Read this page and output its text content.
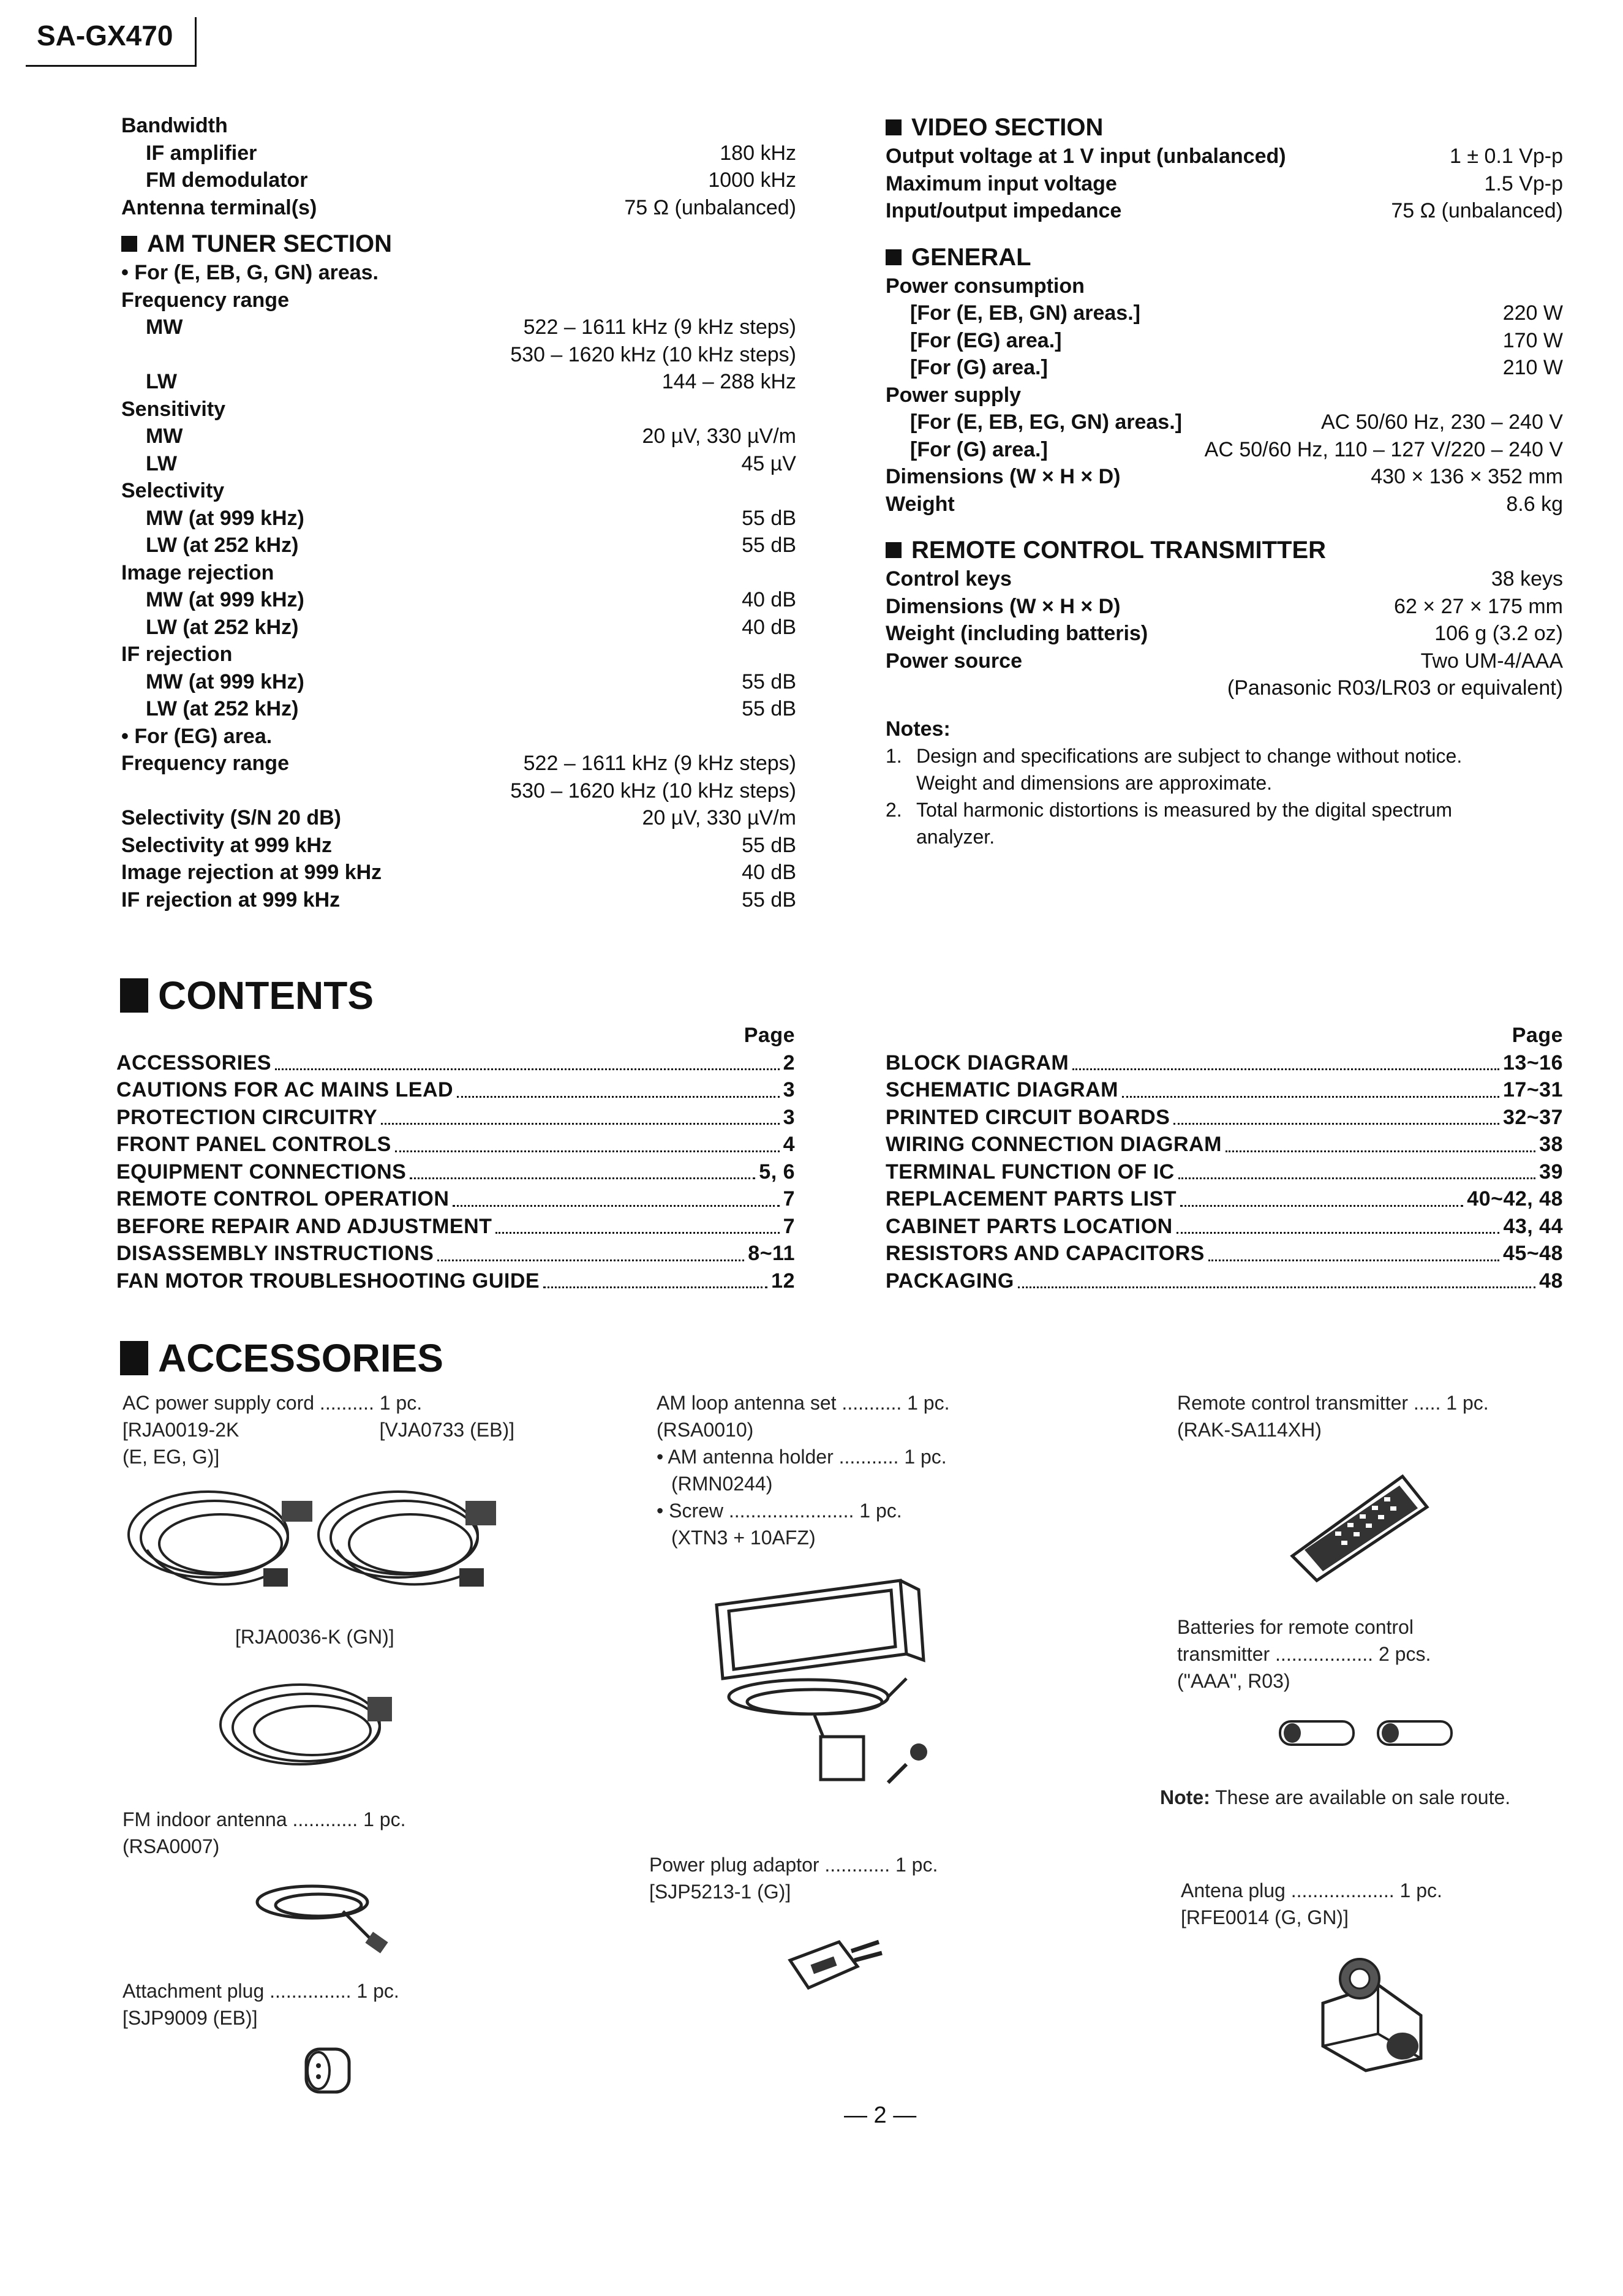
SA-GX470
Bandwidth
IF amplifier	180 kHz
FM demodulator	1000 kHz
Antenna terminal(s)	75 Ω (unbalanced)
AM TUNER SECTION
• For (E, EB, G, GN) areas.
Frequency range
MW	522 – 1611 kHz (9 kHz steps)
530 – 1620 kHz (10 kHz steps)
LW	144 – 288 kHz
Sensitivity
MW	20 µV, 330 µV/m
LW	45 µV
Selectivity
MW (at 999 kHz)	55 dB
LW (at 252 kHz)	55 dB
Image rejection
MW (at 999 kHz)	40 dB
LW (at 252 kHz)	40 dB
IF rejection
MW (at 999 kHz)	55 dB
LW (at 252 kHz)	55 dB
• For (EG) area.
Frequency range	522 – 1611 kHz (9 kHz steps)
530 – 1620 kHz (10 kHz steps)
Selectivity (S/N 20 dB)	20 µV, 330 µV/m
Selectivity at 999 kHz	55 dB
Image rejection at 999 kHz	40 dB
IF rejection at 999 kHz	55 dB
VIDEO SECTION
Output voltage at 1 V input (unbalanced)	1 ± 0.1 Vp-p
Maximum input voltage	1.5 Vp-p
Input/output impedance	75 Ω (unbalanced)
GENERAL
Power consumption
[For (E, EB, GN) areas.]	220 W
[For (EG) area.]	170 W
[For (G) area.]	210 W
Power supply
[For (E, EB, EG, GN) areas.]	AC 50/60 Hz, 230 – 240 V
[For (G) area.]	AC 50/60 Hz, 110 – 127 V/220 – 240 V
Dimensions (W × H × D)	430 × 136 × 352 mm
Weight	8.6 kg
REMOTE CONTROL TRANSMITTER
Control keys	38 keys
Dimensions (W × H × D)	62 × 27 × 175 mm
Weight (including batteris)	106 g (3.2 oz)
Power source	Two UM-4/AAA
(Panasonic R03/LR03 or equivalent)
Notes:
1. Design and specifications are subject to change without notice.
Weight and dimensions are approximate.
2. Total harmonic distortions is measured by the digital spectrum
analyzer.
CONTENTS
Page
ACCESSORIES	2
CAUTIONS FOR AC MAINS LEAD	3
PROTECTION CIRCUITRY	3
FRONT PANEL CONTROLS	4
EQUIPMENT CONNECTIONS	5, 6
REMOTE CONTROL OPERATION	7
BEFORE REPAIR AND ADJUSTMENT	7
DISASSEMBLY INSTRUCTIONS	8~11
FAN MOTOR TROUBLESHOOTING GUIDE	12
Page
BLOCK DIAGRAM	13~16
SCHEMATIC DIAGRAM	17~31
PRINTED CIRCUIT BOARDS	32~37
WIRING CONNECTION DIAGRAM	38
TERMINAL FUNCTION OF IC	39
REPLACEMENT PARTS LIST	40~42, 48
CABINET PARTS LOCATION	43, 44
RESISTORS AND CAPACITORS	45~48
PACKAGING	48
ACCESSORIES
AC power supply cord .......... 1 pc.
[RJA0019-2K	[VJA0733 (EB)]
(E, EG, G)]
[RJA0036-K (GN)]
FM indoor antenna ............ 1 pc.
(RSA0007)
Attachment plug ............... 1 pc.
[SJP9009 (EB)]
AM loop antenna set ........... 1 pc.
(RSA0010)
• AM antenna holder ........... 1 pc.
(RMN0244)
• Screw ....................... 1 pc.
(XTN3 + 10AFZ)
Power plug adaptor ............ 1 pc.
[SJP5213-1 (G)]
Remote control transmitter ..... 1 pc.
(RAK-SA114XH)
Batteries for remote control
transmitter .................. 2 pcs.
("AAA", R03)
Note: These are available on sale route.
Antena plug ................... 1 pc.
[RFE0014 (G, GN)]
— 2 —
